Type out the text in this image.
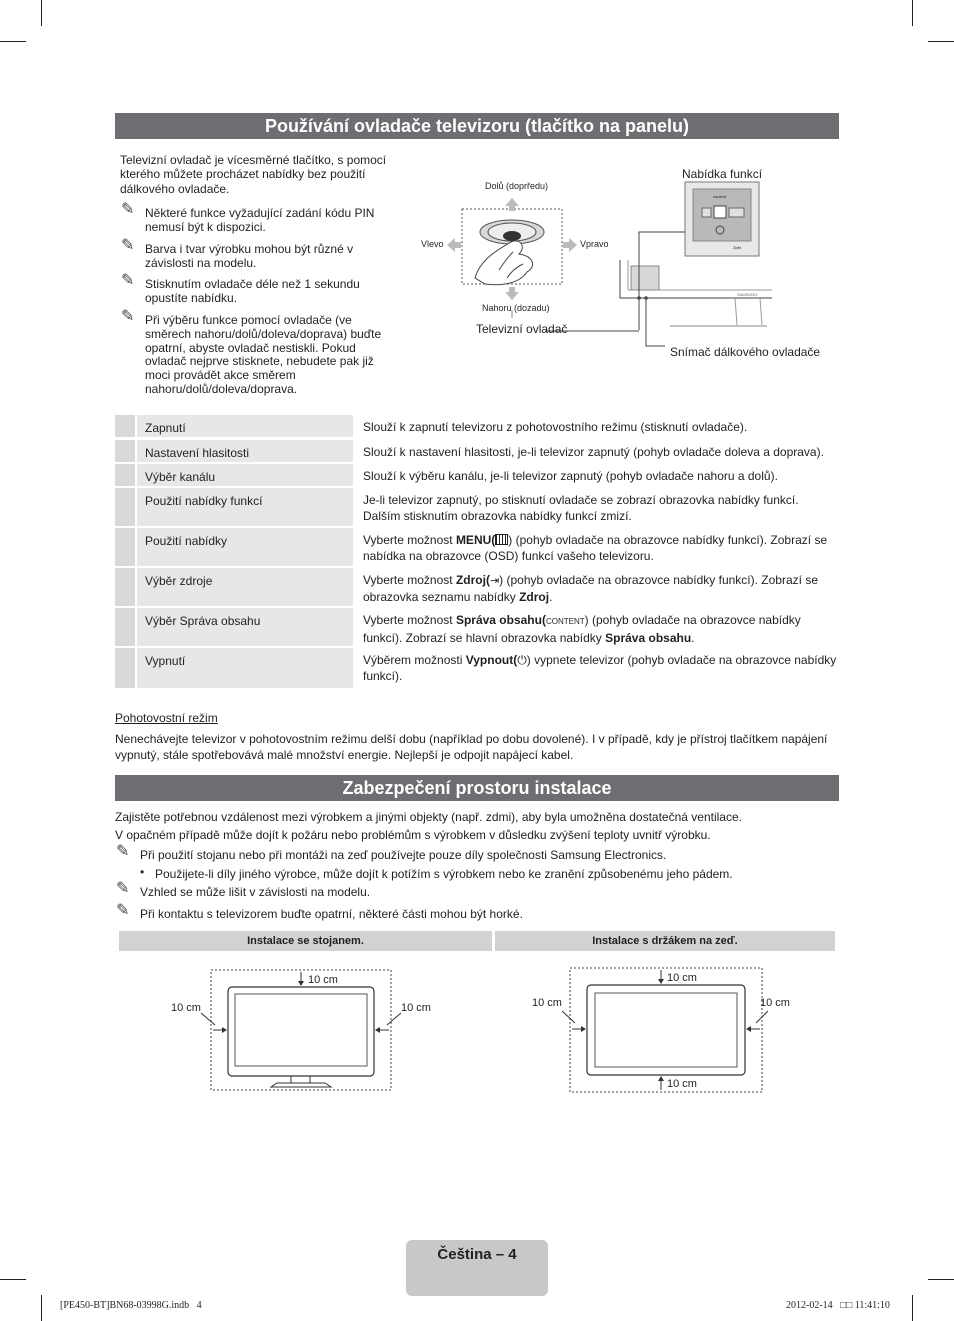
Používání ovladače televizoru (tlačítko na panelu)
Televizní ovladač je vícesměrné tlačítko, s pomocí kterého můžete procházet nabídky bez použití dálkového ovladače.
✎ Některé funkce vyžadující zadání kódu PIN nemusí být k dispozici.
✎ Barva i tvar výrobku mohou být různé v závislosti na modelu.
✎ Stisknutím ovladače déle než 1 sekundu opustíte nabídku.
✎ Při výběru funkce pomocí ovladače (ve směrech nahoru/dolů/doleva/doprava) buďte opatrní, abyste ovladač nestiskli. Pokud ovladač nejprve stisknete, nebudete pak již moci provádět akce směrem nahoru/dolů/doleva/doprava.
SAMSUNG
content
Zpět
Dolů (doprředu)
Nahoru (dozadu)
Vlevo	Vpravo
Televizní ovladač
Nabídka funkcí
Snímač dálkového ovladače
Zapnutí	Slouží k zapnutí televizoru z pohotovostního režimu (stisknutí ovladače).
Nastavení hlasitosti	Slouží k nastavení hlasitosti, je-li televizor zapnutý (pohyb ovladače doleva a doprava).
Výběr kanálu	Slouží k výběru kanálu, je-li televizor zapnutý (pohyb ovladače nahoru a dolů).
Použití nabídky funkcí	Je-li televizor zapnutý, po stisknutí ovladače se zobrazí obrazovka nabídky funkcí. Dalším stisknutím obrazovka nabídky funkcí zmizí.
Použití nabídky	Vyberte možnost MENU( ) (pohyb ovladače na obrazovce nabídky funkcí). Zobrazí se nabídka na obrazovce (OSD) funkcí vašeho televizoru.
Výběr zdroje	Vyberte možnost Zdroj(⇥) (pohyb ovladače na obrazovce nabídky funkcí). Zobrazí se obrazovka seznamu nabídky Zdroj.
Výběr Správa obsahu	Vyberte možnost Správa obsahu(CONTENT) (pohyb ovladače na obrazovce nabídky funkcí). Zobrazí se hlavní obrazovka nabídky Správa obsahu.
Vypnutí	Výběrem možnosti Vypnout(⏻) vypnete televizor (pohyb ovladače na obrazovce nabídky funkcí).
Pohotovostní režim
Nenechávejte televizor v pohotovostním režimu delší dobu (například po dobu dovolené). I v případě, kdy je přístroj tlačítkem napájení vypnutý, stále spotřebovává malé množství energie. Nejlepší je odpojit napájecí kabel.
Zabezpečení prostoru instalace
Zajistěte potřebnou vzdálenost mezi výrobkem a jinými objekty (např. zdmi), aby byla umožněna dostatečná ventilace. V opačném případě může dojít k požáru nebo problémům s výrobkem v důsledku zvýšení teploty uvnitř výrobku.
✎ Při použití stojanu nebo při montáži na zeď používejte pouze díly společnosti Samsung Electronics.
• Použijete-li díly jiného výrobce, může dojít k potížím s výrobkem nebo ke zranění způsobenému jeho pádem.
✎ Vzhled se může lišit v závislosti na modelu.
✎ Při kontaktu s televizorem buďte opatrní, některé části mohou být horké.
Instalace se stojanem.	Instalace s držákem na zeď.
10 cm
10 cm	10 cm
10 cm
10 cm	10 cm
10 cm
Čeština – 4
[PE450-BT]BN68-03998G.indb   4	2012-02-14   □□ 11:41:10
